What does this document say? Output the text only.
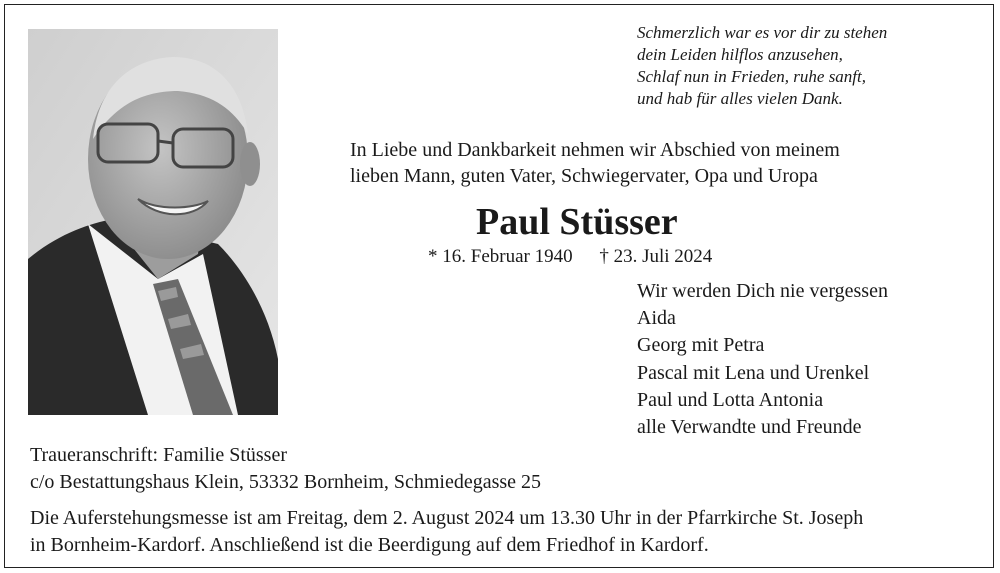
Schmerzlich war es vor dir zu stehen
dein Leiden hilflos anzusehen,
Schlaf nun in Frieden, ruhe sanft,
und hab für alles vielen Dank.
In Liebe und Dankbarkeit nehmen wir Abschied von meinem
lieben Mann, guten Vater, Schwiegervater, Opa und Uropa
Paul Stüsser
* 16. Februar 1940 † 23. Juli 2024
Wir werden Dich nie vergessen
Aida
Georg mit Petra
Pascal mit Lena und Urenkel
Paul und Lotta Antonia
alle Verwandte und Freunde
Traueranschrift: Familie Stüsser
c/o Bestattungshaus Klein, 53332 Bornheim, Schmiedegasse 25
Die Auferstehungsmesse ist am Freitag, dem 2. August 2024 um 13.30 Uhr in der Pfarrkirche St. Joseph
in Bornheim-Kardorf. Anschließend ist die Beerdigung auf dem Friedhof in Kardorf.
